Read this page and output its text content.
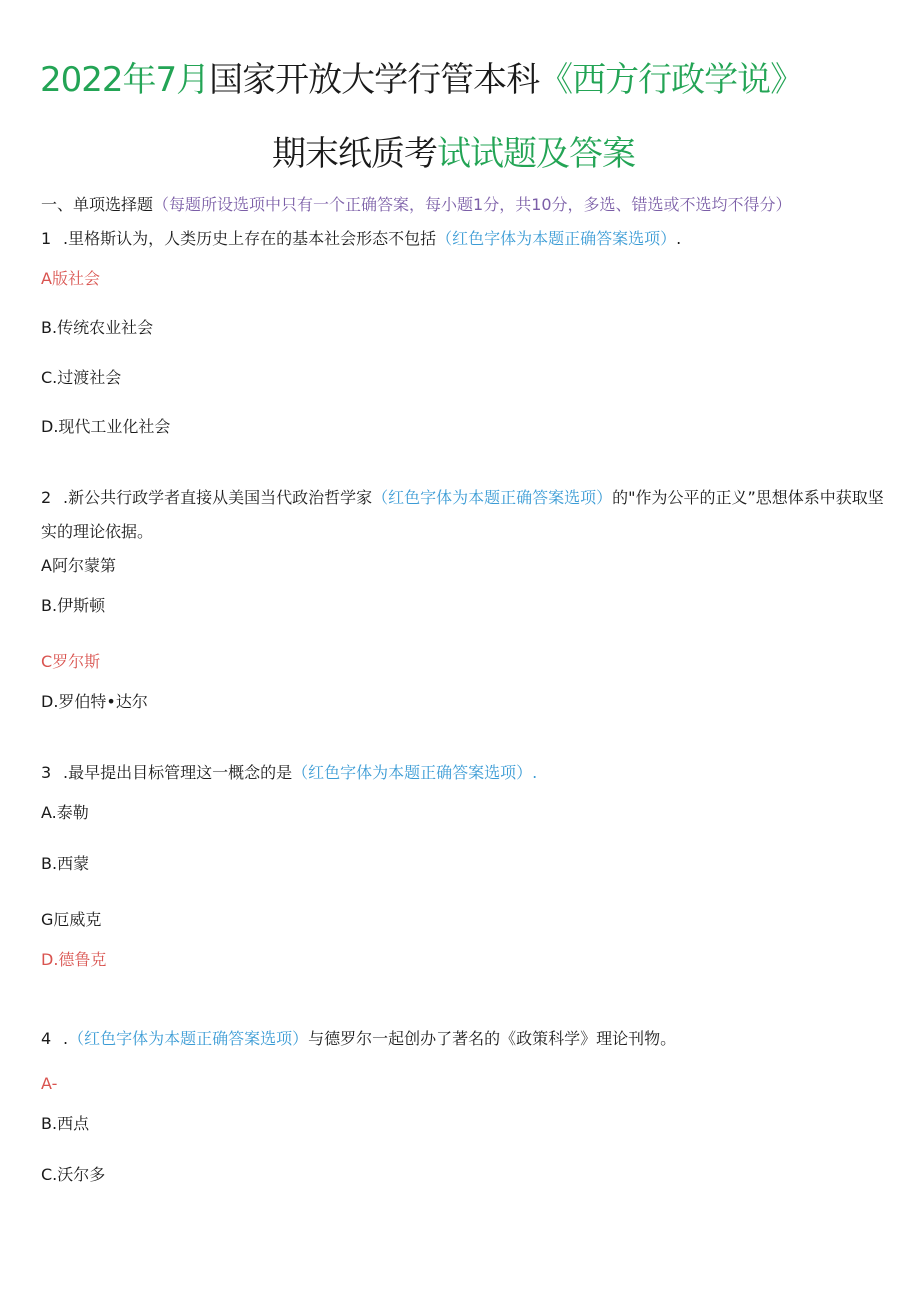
2022年7月国家开放大学行管本科《西方行政学说》
期末纸质考试试题及答案
一、单项选择题（每题所设选项中只有一个正确答案，每小题1分，共10分，多选、错选或不选均不得分）
1 .里格斯认为，人类历史上存在的基本社会形态不包括（红色字体为本题正确答案选项）.
A版社会
B.传统农业社会
C.过渡社会
D.现代工业化社会
2 .新公共行政学者直接从美国当代政治哲学家（红色字体为本题正确答案选项）的"作为公平的正义”思想体系中获取坚实的理论依据。
A阿尔蒙第
B.伊斯顿
C罗尔斯
D.罗伯特•达尔
3 .最早提出目标管理这一概念的是（红色字体为本题正确答案选项）.
A.泰勒
B.西蒙
G厄威克
D.德鲁克
4 .（红色字体为本题正确答案选项）与德罗尔一起创办了著名的《政策科学》理论刊物。
A-
B.西点
C.沃尔多
